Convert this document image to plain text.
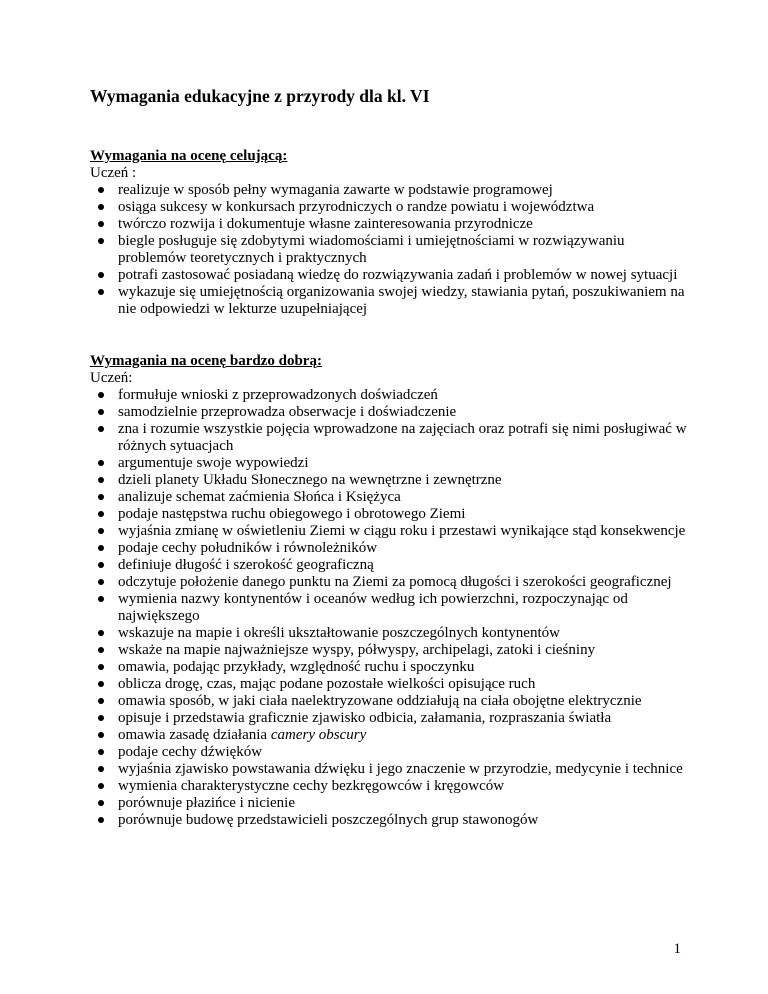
Wymagania edukacyjne z przyrody dla kl. VI
Wymagania na ocenę celującą:
Uczeń :
realizuje w sposób pełny wymagania zawarte w podstawie programowej
osiąga sukcesy w konkursach przyrodniczych o randze powiatu i województwa
twórczo rozwija i dokumentuje własne zainteresowania przyrodnicze
biegle posługuje się zdobytymi wiadomościami i umiejętnościami w rozwiązywaniu problemów teoretycznych i praktycznych
potrafi zastosować posiadaną wiedzę do rozwiązywania zadań i problemów w nowej sytuacji
wykazuje się umiejętnością organizowania swojej wiedzy, stawiania pytań, poszukiwaniem na nie odpowiedzi w lekturze uzupełniającej
Wymagania na ocenę bardzo dobrą:
Uczeń:
formułuje wnioski z przeprowadzonych doświadczeń
samodzielnie przeprowadza obserwacje i doświadczenie
zna i rozumie wszystkie pojęcia wprowadzone na zajęciach oraz potrafi się nimi posługiwać w różnych sytuacjach
argumentuje swoje wypowiedzi
dzieli planety Układu Słonecznego na wewnętrzne i zewnętrzne
analizuje schemat zaćmienia Słońca i Księżyca
podaje następstwa ruchu obiegowego i obrotowego Ziemi
wyjaśnia zmianę w oświetleniu Ziemi w ciągu roku i przestawi wynikające stąd konsekwencje
podaje cechy południków i równoleżników
definiuje długość i szerokość geograficzną
odczytuje położenie danego punktu na Ziemi za pomocą długości i szerokości geograficznej
wymienia nazwy kontynentów i oceanów według ich powierzchni, rozpoczynając od największego
wskazuje na mapie i określi ukształtowanie poszczególnych kontynentów
wskaże na mapie najważniejsze wyspy, półwyspy, archipelagi, zatoki i cieśniny
omawia, podając przykłady, względność ruchu i spoczynku
oblicza drogę, czas, mając podane pozostałe wielkości opisujące ruch
omawia sposób, w jaki ciała naelektryzowane oddziałują na ciała obojętne elektrycznie
opisuje i przedstawia graficznie zjawisko odbicia, załamania, rozpraszania światła
omawia zasadę działania camery obscury
podaje cechy dźwięków
wyjaśnia zjawisko powstawania dźwięku i jego znaczenie w przyrodzie, medycynie i technice
wymienia charakterystyczne cechy bezkręgowców i kręgowców
porównuje płazińce i nicienie
porównuje budowę przedstawicieli poszczególnych grup stawonogów
1
